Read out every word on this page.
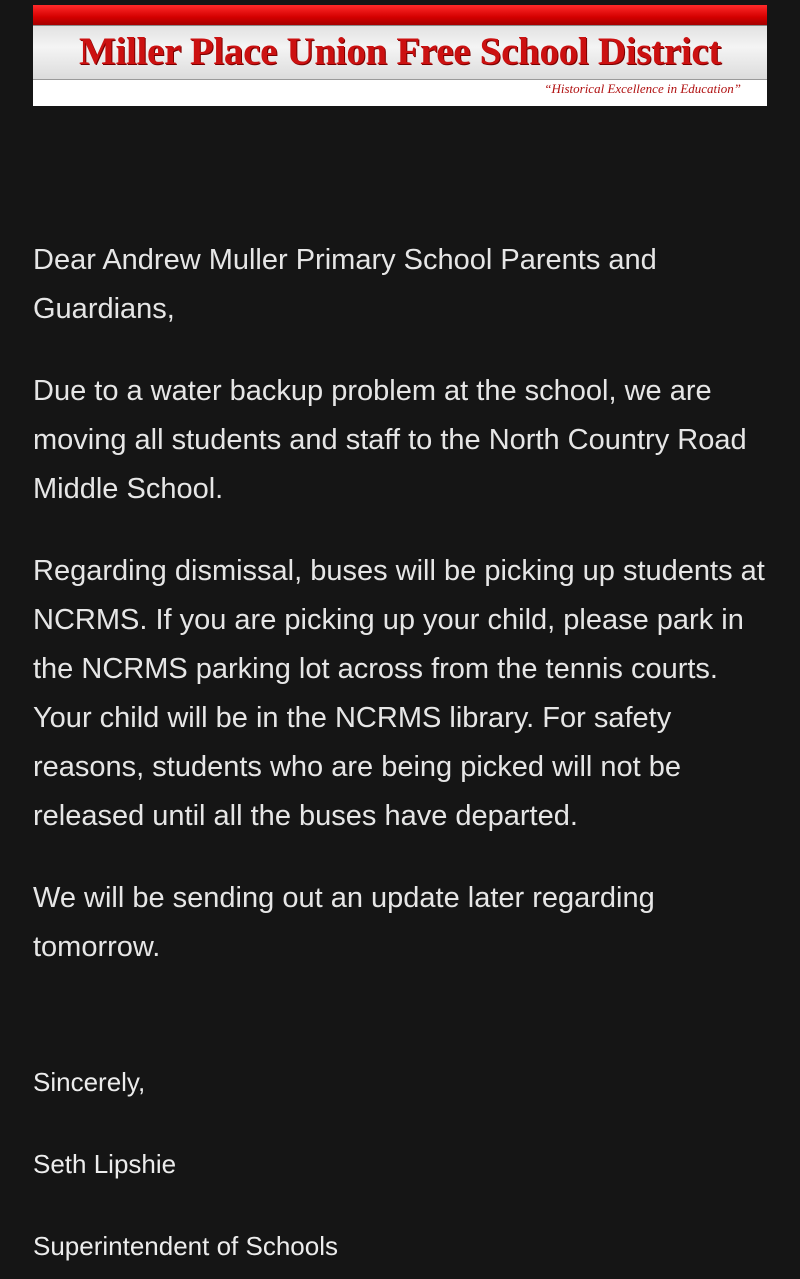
Miller Place Union Free School District
“Historical Excellence in Education”

Dear Andrew Muller Primary School Parents and Guardians,

Due to a water backup problem at the school, we are moving all students and staff to the North Country Road Middle School.

Regarding dismissal, buses will be picking up students at NCRMS. If you are picking up your child, please park in the NCRMS parking lot across from the tennis courts. Your child will be in the NCRMS library. For safety reasons, students who are being picked will not be released until all the buses have departed.

We will be sending out an update later regarding tomorrow.

Sincerely,

Seth Lipshie

Superintendent of Schools
